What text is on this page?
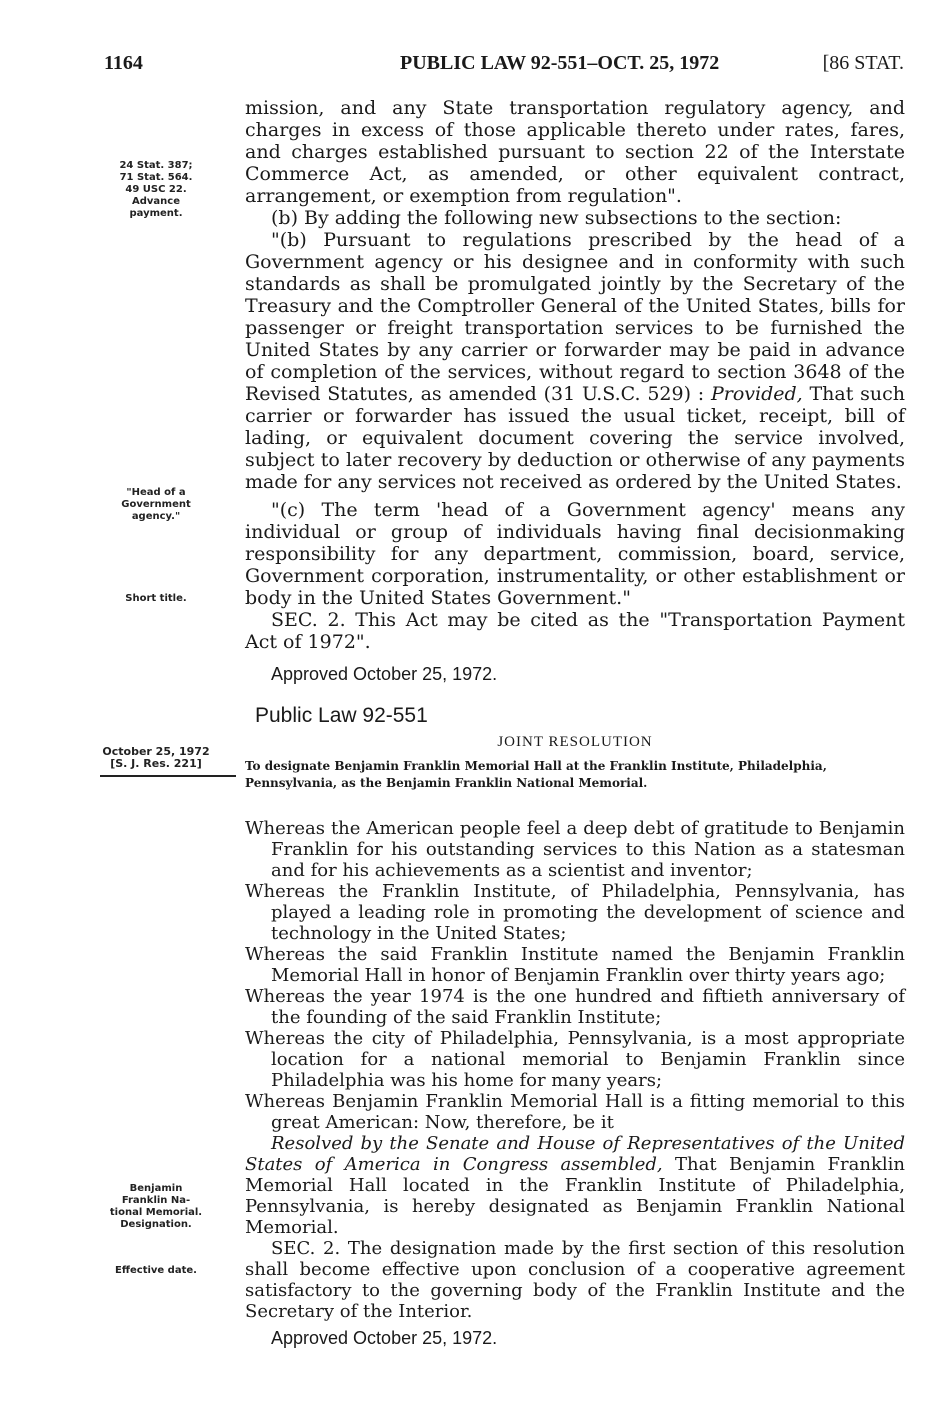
1164	PUBLIC LAW 92-551–OCT. 25, 1972	[86 STAT.
24 Stat. 387;
71 Stat. 564.
49 USC 22.
Advance
payment.
"Head of a
Government
agency."
Short title.
October 25, 1972
[S. J. Res. 221]
Benjamin
Franklin Na-
tional Memorial.
Designation.
Effective date.

mission, and any State transportation regulatory agency, and charges in excess of those applicable thereto under rates, fares, and charges established pursuant to section 22 of the Interstate Commerce Act, as amended, or other equivalent contract, arrangement, or exemption from regulation".

(b) By adding the following new subsections to the section:

"(b) Pursuant to regulations prescribed by the head of a Government agency or his designee and in conformity with such standards as shall be promulgated jointly by the Secretary of the Treasury and the Comptroller General of the United States, bills for passenger or freight transportation services to be furnished the United States by any carrier or forwarder may be paid in advance of completion of the services, without regard to section 3648 of the Revised Statutes, as amended (31 U.S.C. 529) : Provided, That such carrier or forwarder has issued the usual ticket, receipt, bill of lading, or equivalent document covering the service involved, subject to later recovery by deduction or otherwise of any payments made for any services not received as ordered by the United States.

"(c) The term 'head of a Government agency' means any individual or group of individuals having final decisionmaking responsibility for any department, commission, board, service, Government corporation, instrumentality, or other establishment or body in the United States Government."

SEC. 2. This Act may be cited as the "Transportation Payment Act of 1972".

Approved October 25, 1972.

Public Law 92-551
JOINT RESOLUTION
To designate Benjamin Franklin Memorial Hall at the Franklin Institute, Philadelphia, Pennsylvania, as the Benjamin Franklin National Memorial.

Whereas the American people feel a deep debt of gratitude to Benjamin Franklin for his outstanding services to this Nation as a statesman and for his achievements as a scientist and inventor;

Whereas the Franklin Institute, of Philadelphia, Pennsylvania, has played a leading role in promoting the development of science and technology in the United States;

Whereas the said Franklin Institute named the Benjamin Franklin Memorial Hall in honor of Benjamin Franklin over thirty years ago;

Whereas the year 1974 is the one hundred and fiftieth anniversary of the founding of the said Franklin Institute;

Whereas the city of Philadelphia, Pennsylvania, is a most appropriate location for a national memorial to Benjamin Franklin since Philadelphia was his home for many years;

Whereas Benjamin Franklin Memorial Hall is a fitting memorial to this great American: Now, therefore, be it

Resolved by the Senate and House of Representatives of the United States of America in Congress assembled, That Benjamin Franklin Memorial Hall located in the Franklin Institute of Philadelphia, Pennsylvania, is hereby designated as Benjamin Franklin National Memorial.

SEC. 2. The designation made by the first section of this resolution shall become effective upon conclusion of a cooperative agreement satisfactory to the governing body of the Franklin Institute and the Secretary of the Interior.

Approved October 25, 1972.
